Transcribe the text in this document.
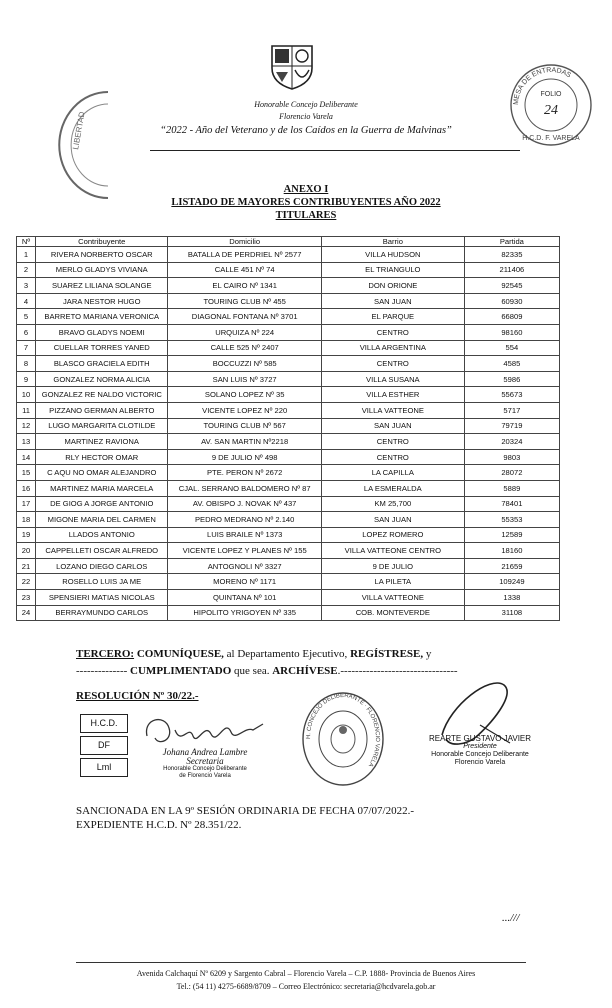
Honorable Concejo Deliberante
Florencio Varela
“2022 - Año del Veterano y de los Caídos en la Guerra de Malvinas”
LIBERTAD
MESA DE ENTRADAS
FOLIO
24
H.C.D. F. VARELA
ANEXO I
LISTADO DE MAYORES CONTRIBUYENTES AÑO 2022
TITULARES
Nº	Contribuyente	Domicilio	Barrio	Partida
1	RIVERA NORBERTO OSCAR	BATALLA DE PERDRIEL Nº 2577	VILLA HUDSON	82335
2	MERLO GLADYS VIVIANA	CALLE 451 Nº 74	EL TRIANGULO	211406
3	SUAREZ LILIANA SOLANGE	EL CAIRO Nº 1341	DON ORIONE	92545
4	JARA NESTOR HUGO	TOURING CLUB Nº 455	SAN JUAN	60930
5	BARRETO MARIANA VERONICA	DIAGONAL FONTANA Nº 3701	EL PARQUE	66809
6	BRAVO GLADYS NOEMI	URQUIZA Nº 224	CENTRO	98160
7	CUELLAR TORRES YANED	CALLE 525 Nº 2407	VILLA ARGENTINA	554
8	BLASCO GRACIELA EDITH	BOCCUZZI Nº 585	CENTRO	4585
9	GONZALEZ NORMA ALICIA	SAN LUIS Nº 3727	VILLA SUSANA	5986
10	GONZALEZ RE NALDO VICTORIC	SOLANO LOPEZ Nº 35	VILLA ESTHER	55673
11	PIZZANO GERMAN ALBERTO	VICENTE LOPEZ Nº 220	VILLA VATTEONE	5717
12	LUGO MARGARITA CLOTILDE	TOURING CLUB Nº 567	SAN JUAN	79719
13	MARTINEZ RAVIONA	AV. SAN MARTIN Nº2218	CENTRO	20324
14	RLY HECTOR OMAR	9 DE JULIO Nº 498	CENTRO	9803
15	C AQU NO OMAR ALEJANDRO	PTE. PERON Nº 2672	LA CAPILLA	28072
16	MARTINEZ MARIA MARCELA	CJAL. SERRANO BALDOMERO Nº 87	LA ESMERALDA	5889
17	DE GIOG A JORGE ANTONIO	AV. OBISPO J. NOVAK Nº 437	KM 25,700	78401
18	MIGONE MARIA DEL CARMEN	PEDRO MEDRANO Nº 2.140	SAN JUAN	55353
19	LLADOS ANTONIO	LUIS BRAILE Nº 1373	LOPEZ ROMERO	12589
20	CAPPELLETI OSCAR ALFREDO	VICENTE LOPEZ Y PLANES Nº 155	VILLA VATTEONE CENTRO	18160
21	LOZANO DIEGO CARLOS	ANTOGNOLI Nº 3327	9 DE JULIO	21659
22	ROSELLO LUIS JA ME	MORENO Nº 1171	LA PILETA	109249
23	SPENSIERI MATIAS NICOLAS	QUINTANA Nº 101	VILLA VATTEONE	1338
24	BERRAYMUNDO CARLOS	HIPOLITO YRIGOYEN Nº 335	COB. MONTEVERDE	31108
TERCERO: COMUNÍQUESE, al Departamento Ejecutivo, REGÍSTRESE, y
-------------- CUMPLIMENTADO que sea. ARCHÍVESE.--------------------------------
RESOLUCIÓN Nº 30/22.-
H.C.D.
DF
Lml
Johana Andrea Lambre
Secretaria
Honorable Concejo Deliberante
de Florencio Varela
H. CONCEJO DELIBERANTE · FLORENCIO VARELA
REARTE GUSTAVO JAVIER
Presidente
Honorable Concejo Deliberante
Florencio Varela
SANCIONADA EN LA 9º SESIÓN ORDINARIA DE FECHA 07/07/2022.-
EXPEDIENTE H.C.D. Nº 28.351/22.
...///
Avenida Calchaquí Nº 6209 y Sargento Cabral – Florencio Varela – C.P. 1888- Provincia de Buenos Aires
Tel.: (54 11) 4275-6689/8709 – Correo Electrónico: secretaria@hcdvarela.gob.ar
